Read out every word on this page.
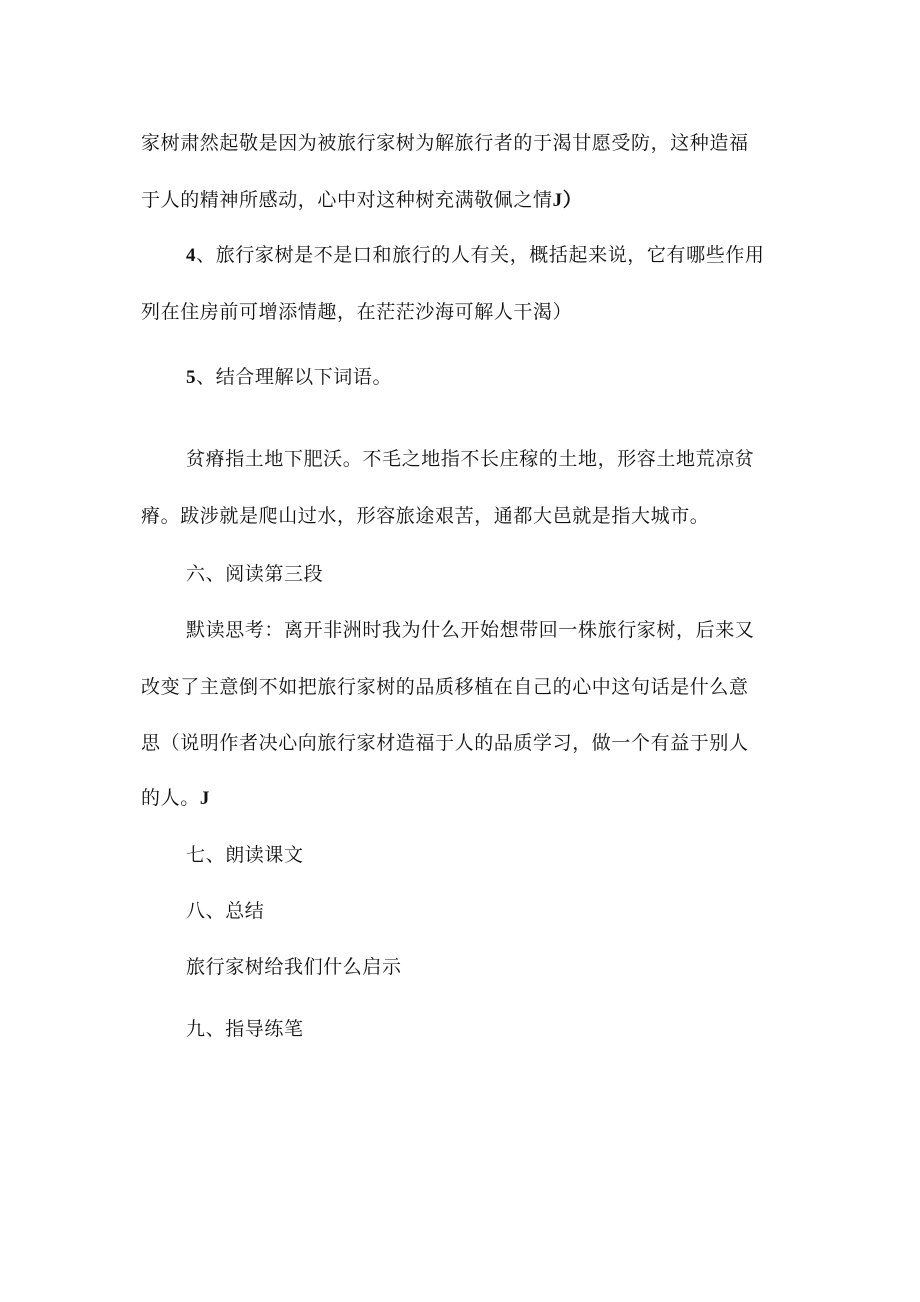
家树肃然起敬是因为被旅行家树为解旅行者的于渴甘愿受防，这种造福
于人的精神所感动，心中对这种树充满敬佩之情J）
4、旅行家树是不是口和旅行的人有关，概括起来说，它有哪些作用
列在住房前可增添情趣，在茫茫沙海可解人干渴）
5、结合理解以下词语。
贫瘠指土地下肥沃。不毛之地指不长庄稼的土地，形容土地荒凉贫
瘠。跋涉就是爬山过水，形容旅途艰苦，通都大邑就是指大城市。
六、阅读第三段
默读思考：离开非洲时我为什么开始想带回一株旅行家树，后来又
改变了主意倒不如把旅行家树的品质移植在自己的心中这句话是什么意
思（说明作者决心向旅行家材造福于人的品质学习，做一个有益于别人
的人。J
七、朗读课文
八、总结
旅行家树给我们什么启示
九、指导练笔
